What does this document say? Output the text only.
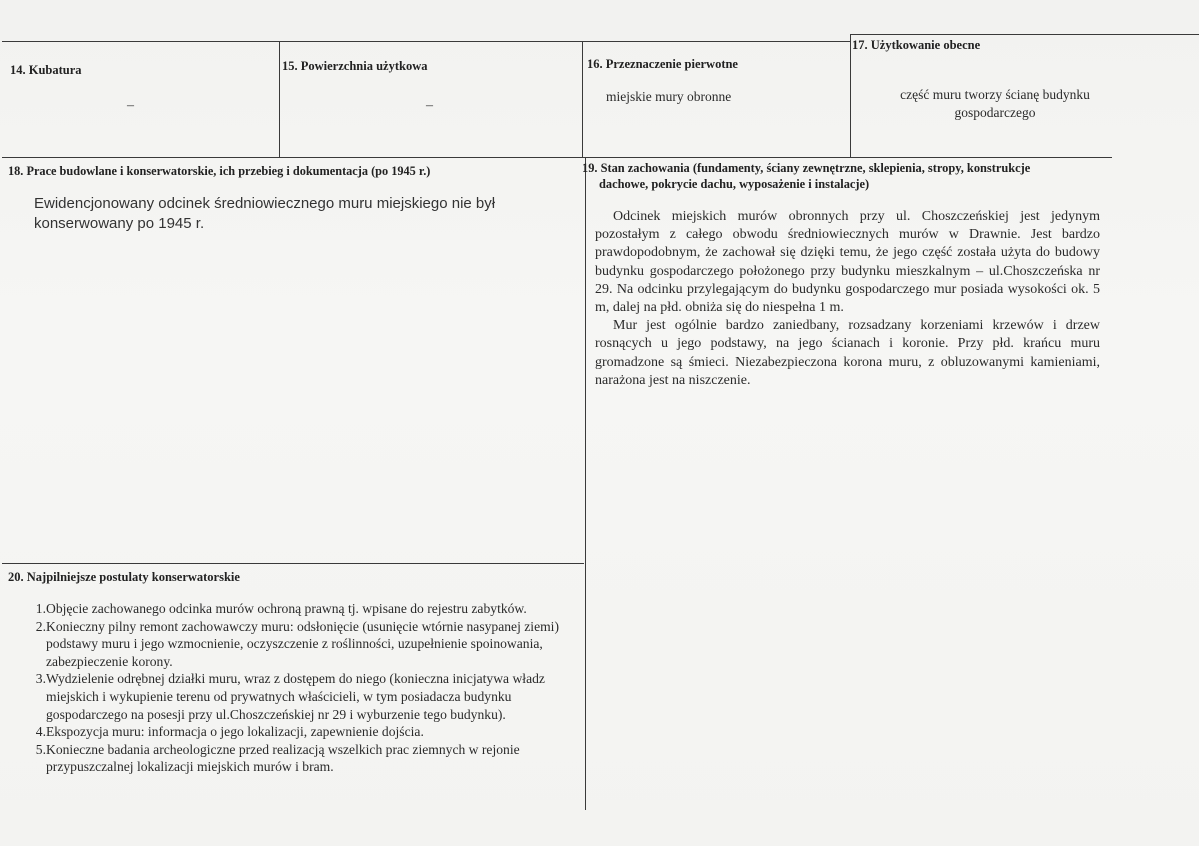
14. Kubatura
–
15. Powierzchnia użytkowa
–
16. Przeznaczenie pierwotne
miejskie mury obronne
17. Użytkowanie obecne
część muru tworzy ścianę budynku
gospodarczego
18. Prace budowlane i konserwatorskie, ich przebieg i dokumentacja (po 1945 r.)
Ewidencjonowany odcinek średniowiecznego muru miejskiego nie był
konserwowany po 1945 r.
19. Stan zachowania (fundamenty, ściany zewnętrzne, sklepienia, stropy, konstrukcje
dachowe, pokrycie dachu, wyposażenie i instalacje)

Odcinek miejskich murów obronnych przy ul. Choszczeńskiej jest jedynym pozostałym z całego obwodu średniowiecznych murów w Drawnie. Jest bardzo prawdopodobnym, że zachował się dzięki temu, że jego część została użyta do budowy budynku gospodarczego położonego przy budynku mieszkalnym – ul.Choszczeńska nr 29. Na odcinku przylegającym do budynku gospodarczego mur posiada wysokości ok. 5 m, dalej na płd. obniża się do niespełna 1 m.

Mur jest ogólnie bardzo zaniedbany, rozsadzany korzeniami krzewów i drzew rosnących u jego podstawy, na jego ścianach i koronie. Przy płd. krańcu muru gromadzone są śmieci. Niezabezpieczona korona muru, z obluzowanymi kamieniami, narażona jest na niszczenie.

20. Najpilniejsze postulaty konserwatorskie
1.Objęcie zachowanego odcinka murów ochroną prawną tj. wpisane do rejestru zabytków.
2.Konieczny pilny remont zachowawczy muru: odsłonięcie (usunięcie wtórnie nasypanej ziemi) podstawy muru i jego wzmocnienie, oczyszczenie z roślinności, uzupełnienie spoinowania, zabezpieczenie korony.
3.Wydzielenie odrębnej działki muru, wraz z dostępem do niego (konieczna inicjatywa władz miejskich i wykupienie terenu od prywatnych właścicieli, w tym posiadacza budynku gospodarczego na posesji przy ul.Choszczeńskiej nr 29 i wyburzenie tego budynku).
4.Ekspozycja muru: informacja o jego lokalizacji, zapewnienie dojścia.
5.Konieczne badania archeologiczne przed realizacją wszelkich prac ziemnych w rejonie przypuszczalnej lokalizacji miejskich murów i bram.
